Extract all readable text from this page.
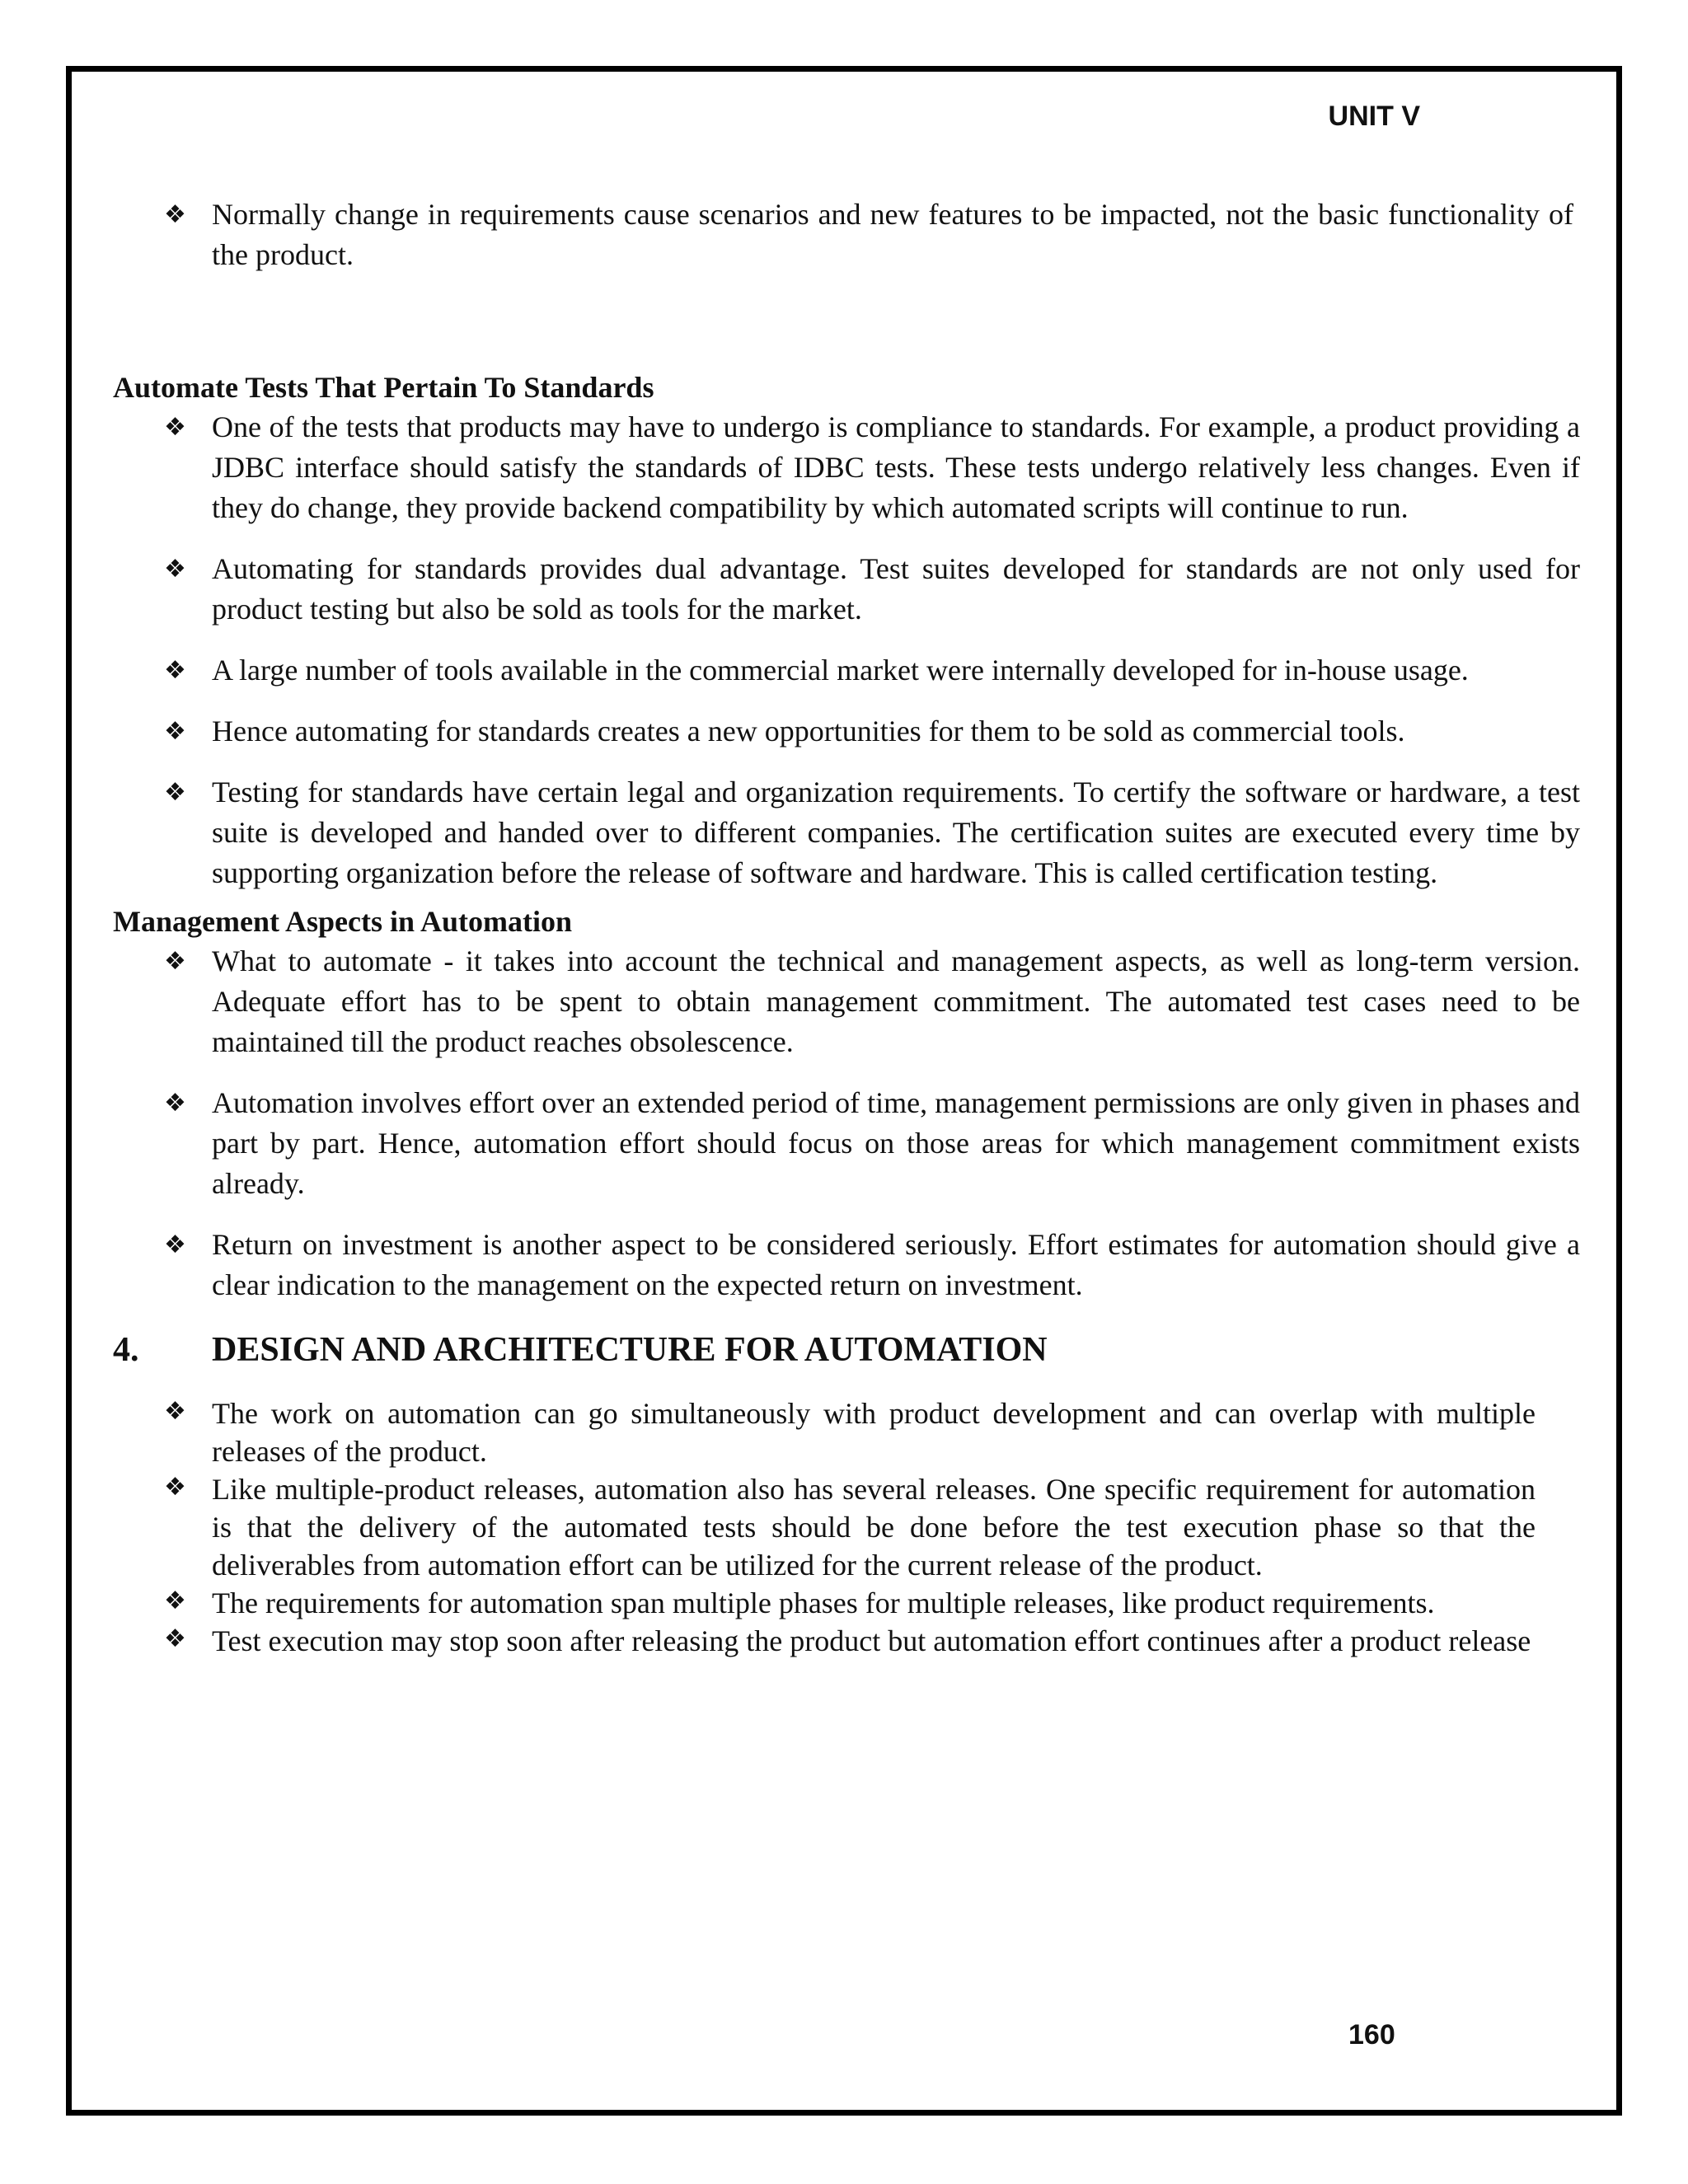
UNIT V
❖ Normally change in requirements cause scenarios and new features to be impacted, not the basic functionality of the product.
Automate Tests That Pertain To Standards
❖ One of the tests that products may have to undergo is compliance to standards. For example, a product providing a JDBC interface should satisfy the standards of IDBC tests. These tests undergo relatively less changes. Even if they do change, they provide backend compatibility by which automated scripts will continue to run.
❖ Automating for standards provides dual advantage. Test suites developed for standards are not only used for product testing but also be sold as tools for the market.
❖ A large number of tools available in the commercial market were internally developed for in-house usage.
❖ Hence automating for standards creates a new opportunities for them to be sold as commercial tools.
❖ Testing for standards have certain legal and organization requirements. To certify the software or hardware, a test suite is developed and handed over to different companies. The certification suites are executed every time by supporting organization before the release of software and hardware. This is called certification testing.
Management Aspects in Automation
❖ What to automate - it takes into account the technical and management aspects, as well as long-term version. Adequate effort has to be spent to obtain management commitment. The automated test cases need to be maintained till the product reaches obsolescence.
❖ Automation involves effort over an extended period of time, management permissions are only given in phases and part by part. Hence, automation effort should focus on those areas for which management commitment exists already.
❖ Return on investment is another aspect to be considered seriously. Effort estimates for automation should give a clear indication to the management on the expected return on investment.
4.	DESIGN AND ARCHITECTURE FOR AUTOMATION
❖ The work on automation can go simultaneously with product development and can overlap with multiple releases of the product.
❖ Like multiple-product releases, automation also has several releases. One specific requirement for automation is that the delivery of the automated tests should be done before the test execution phase so that the deliverables from automation effort can be utilized for the current release of the product.
❖ The requirements for automation span multiple phases for multiple releases, like product requirements.
❖ Test execution may stop soon after releasing the product but automation effort continues after a product release
160
